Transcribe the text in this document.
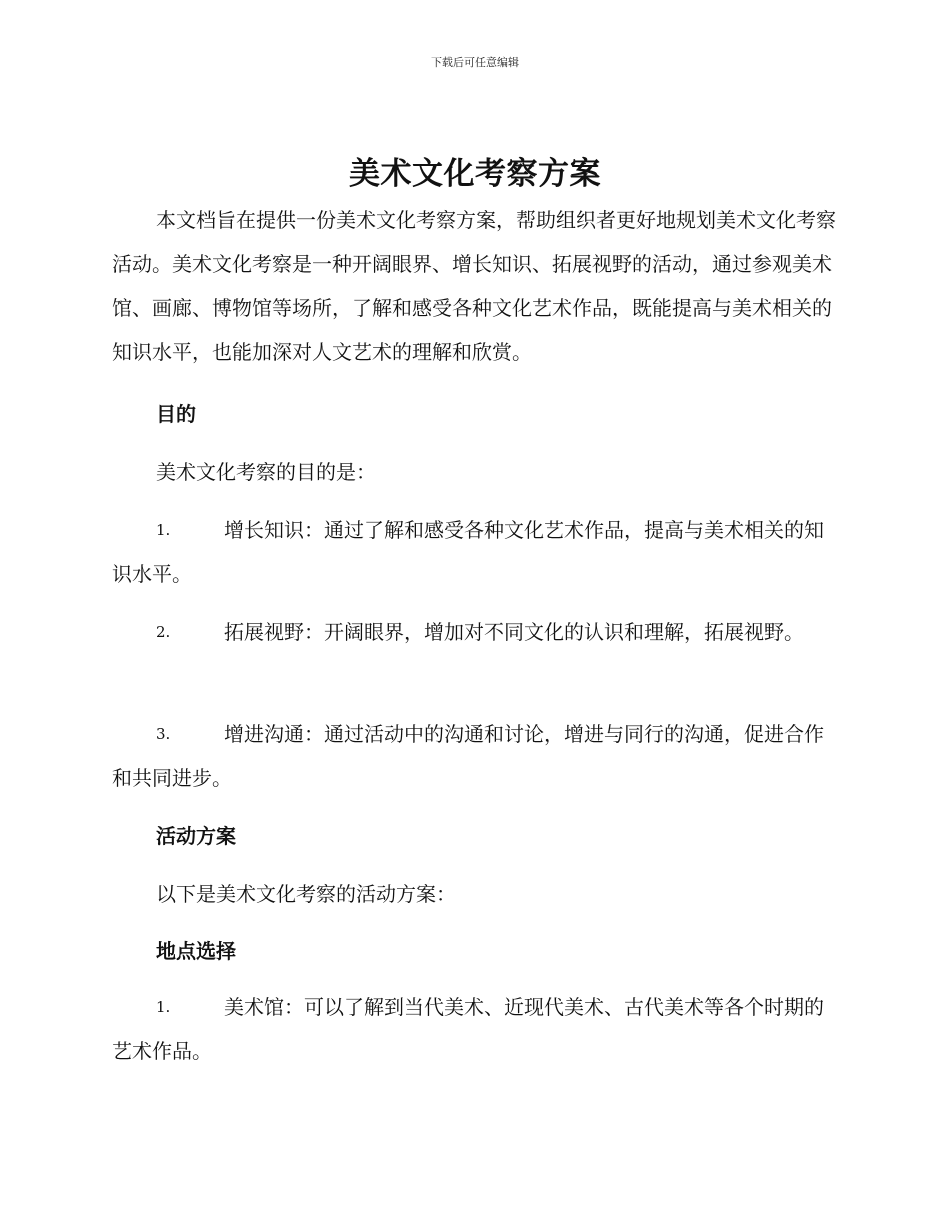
下载后可任意编辑
美术文化考察方案

本文档旨在提供一份美术文化考察方案，帮助组织者更好地规划美术文化考察活动。美术文化考察是一种开阔眼界、增长知识、拓展视野的活动，通过参观美术馆、画廊、博物馆等场所，了解和感受各种文化艺术作品，既能提高与美术相关的知识水平，也能加深对人文艺术的理解和欣赏。

目的

美术文化考察的目的是：

1.	增长知识：通过了解和感受各种文化艺术作品，提高与美术相关的知识水平。
2.	拓展视野：开阔眼界，增加对不同文化的认识和理解，拓展视野。
3.	增进沟通：通过活动中的沟通和讨论，增进与同行的沟通，促进合作和共同进步。

活动方案

以下是美术文化考察的活动方案：

地点选择

1.	美术馆：可以了解到当代美术、近现代美术、古代美术等各个时期的艺术作品。
